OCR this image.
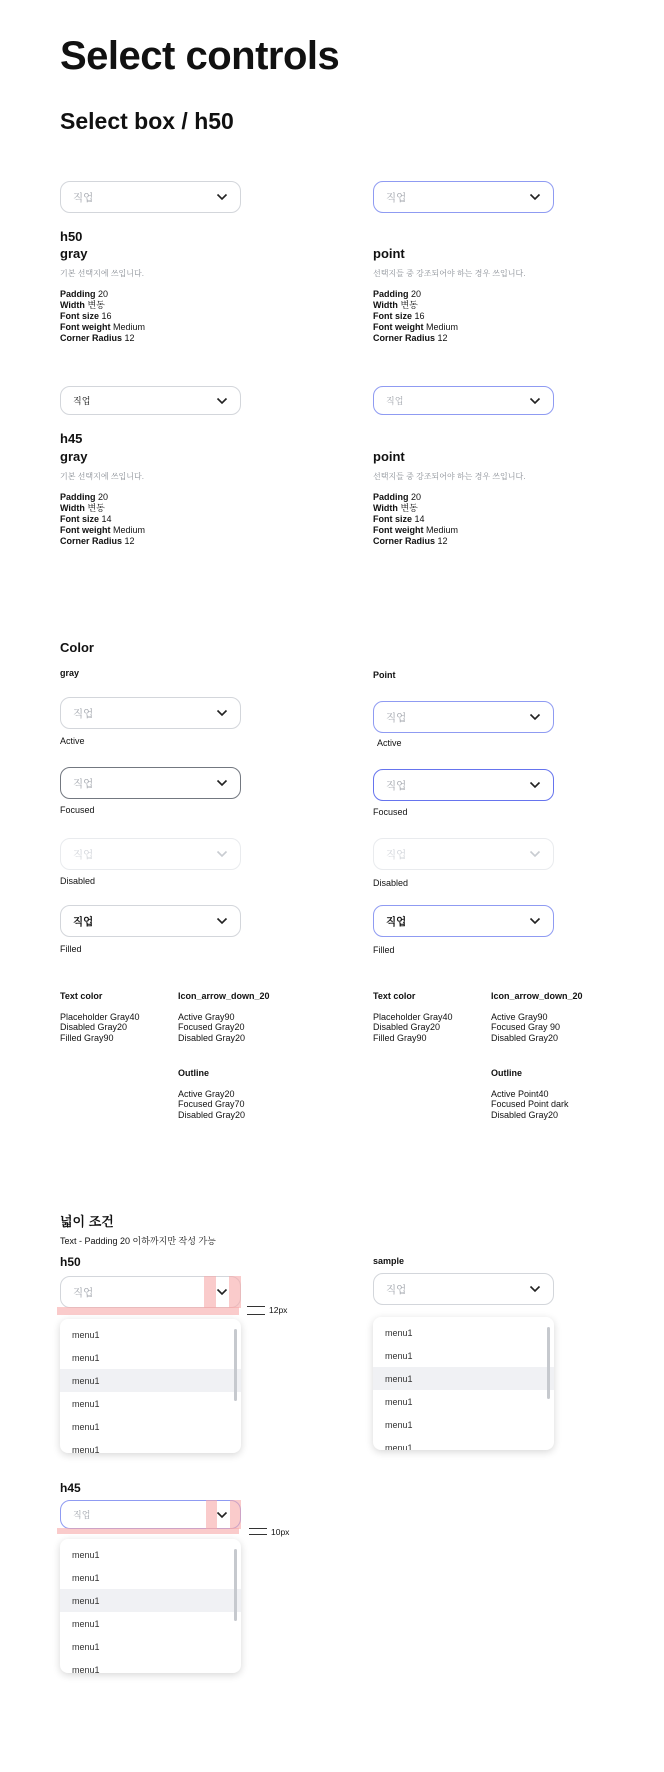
Select controls
Select box / h50
직업	직업
h50
gray
기본 선택지에 쓰입니다.
Padding 20
Width 변동
Font size 16
Font weight Medium
Corner Radius 12
point
선택지들 중 강조되어야 하는 경우 쓰입니다.
Padding 20
Width 변동
Font size 16
Font weight Medium
Corner Radius 12
직업	직업
h45
gray
기본 선택지에 쓰입니다.
Padding 20
Width 변동
Font size 14
Font weight Medium
Corner Radius 12
point
선택지들 중 강조되어야 하는 경우 쓰입니다.
Padding 20
Width 변동
Font size 14
Font weight Medium
Corner Radius 12
Color
gray	Point
직업
Active
직업
Focused
직업
Disabled
직업
Filled
직업
Active
직업
Focused
직업
Disabled
직업
Filled
Text color
Placeholder Gray40
Disabled Gray20
Filled Gray90
Icon_arrow_down_20
Active Gray90
Focused Gray20
Disabled Gray20
Outline
Active Gray20
Focused Gray70
Disabled Gray20
Text color
Placeholder Gray40
Disabled Gray20
Filled Gray90
Icon_arrow_down_20
Active Gray90
Focused Gray 90
Disabled Gray20
Outline
Active Point40
Focused Point dark
Disabled Gray20
넓이 조건
Text - Padding 20 이하까지만 작성 가능
h50	sample
직업
12px
menu1
menu1
menu1
menu1
menu1
menu1
직업
menu1
menu1
menu1
menu1
menu1
menu1
h45
직업
10px
menu1
menu1
menu1
menu1
menu1
menu1
